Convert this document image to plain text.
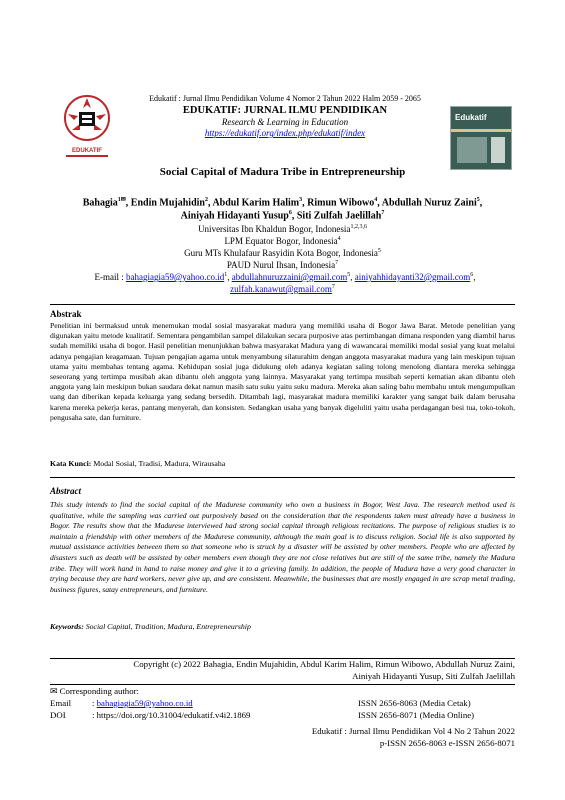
EDUKATIF
Edukatif : Jurnal Ilmu Pendidikan Volume 4 Nomor 2 Tahun 2022 Halm 2059 - 2065
EDUKATIF: JURNAL ILMU PENDIDIKAN
Research & Learning in Education
https://edukatif.org/index.php/edukatif/index
Edukatif
Social Capital of Madura Tribe in Entrepreneurship
Bahagia$^{1✉}$, Endin Mujahidin$^2$, Abdul Karim Halim$^3$, Rimun Wibowo$^4$, Abdullah Nuruz Zaini$^5$,
Ainiyah Hidayanti Yusup$^6$, Siti Zulfah Jaelillah$^7$
Universitas Ibn Khaldun Bogor, Indonesia$^{1,2,3,6}$
LPM Equator Bogor, Indonesia$^4$
Guru MTs Khulafaur Rasyidin Kota Bogor, Indonesia$^5$
PAUD Nurul Ihsan, Indonesia$^7$
E-mail : $bahagiagia59@yahoo.co.id^1$, abdullahnuruzzaini@gmail.com$^5$, ainiyahhidayanti32@gmail.com$^6$,
zulfah.kanawut@gmail.com$^7$
Abstrak
Penelitian ini bermaksud untuk menemukan modal sosial masyarakat madura yang memiliki usaha di Bogor Jawa Barat. Metode penelitian yang digunakan yaitu metode kualitatif. Sementara pengambilan sampel dilakukan secara purposive atas pertimbangan dimana responden yang diambil harus sudah memiliki usaha di bogor. Hasil penelitian menunjukkan bahwa masyarakat Madura yang di wawancarai memiliki modal sosial yang kuat melalui adanya pengajian keagamaan. Tujuan pengajian agama untuk menyambung silaturahim dengan anggota masyarakat madura yang lain meskipun tujuan utama yaitu membahas tentang agama. Kehidupan sosial juga didukung oleh adanya kegiatan saling tolong menolong diantara mereka sehingga seseorang yang tertimpa musibah akan dibantu oleh anggota yang lainnya. Masyarakat yang tertimpa musibah seperti kematian akan dibantu oleh anggota yang lain meskipun bukan saudara dekat namun masih satu suku yaitu suku madura. Mereka akan saling bahu membahu untuk mengumpulkan uang dan diberikan kepada keluarga yang sedang bersedih. Ditambah lagi, masyarakat madura memiliki karakter yang sangat baik dalam berusaha karena mereka pekerja keras, pantang menyerah, dan konsisten. Sedangkan usaha yang banyak digeluliti yaitu usaha perdagangan besi tua, toko-tokoh, pengusaha sate, dan furniture.
Kata Kunci: Modal Sosial, Tradisi, Madura, Wirausaha
Abstract
This study intends to find the social capital of the Madurese community who own a business in Bogor, West Java. The research method used is qualitative, while the sampling was carried out purposively based on the consideration that the respondents taken must already have a business in Bogor. The results show that the Madurese interviewed had strong social capital through religious recitations. The purpose of religious studies is to maintain a friendship with other members of the Madurese community, although the main goal is to discuss religion. Social life is also supported by mutual assistance activities between them so that someone who is struck by a disaster will be assisted by other members. People who are affected by disasters such as death will be assisted by other members even though they are not close relatives but are still of the same tribe, namely the Madura tribe. They will work hand in hand to raise money and give it to a grieving family. In addition, the people of Madura have a very good character in trying because they are hard workers, never give up, and are consistent. Meanwhile, the businesses that are mostly engaged in are scrap metal trading, business figures, satay entrepreneurs, and furniture.
Keywords: Social Capital, Tradition, Madura, Entrepreneurship
Copyright (c) 2022 Bahagia, Endin Mujahidin, Abdul Karim Halim, Rimun Wibowo, Abdullah Nuruz Zaini,
Ainiyah Hidayanti Yusup, Siti Zulfah Jaelillah
✉ Corresponding author:
Email : bahagiagia59@yahoo.co.id	ISSN 2656-8063 (Media Cetak)
DOI	: https://doi.org/10.31004/edukatif.v4i2.1869	ISSN 2656-8071 (Media Online)
Edukatif : Jurnal Ilmu Pendidikan Vol 4 No 2 Tahun 2022
p-ISSN 2656-8063 e-ISSN 2656-8071
